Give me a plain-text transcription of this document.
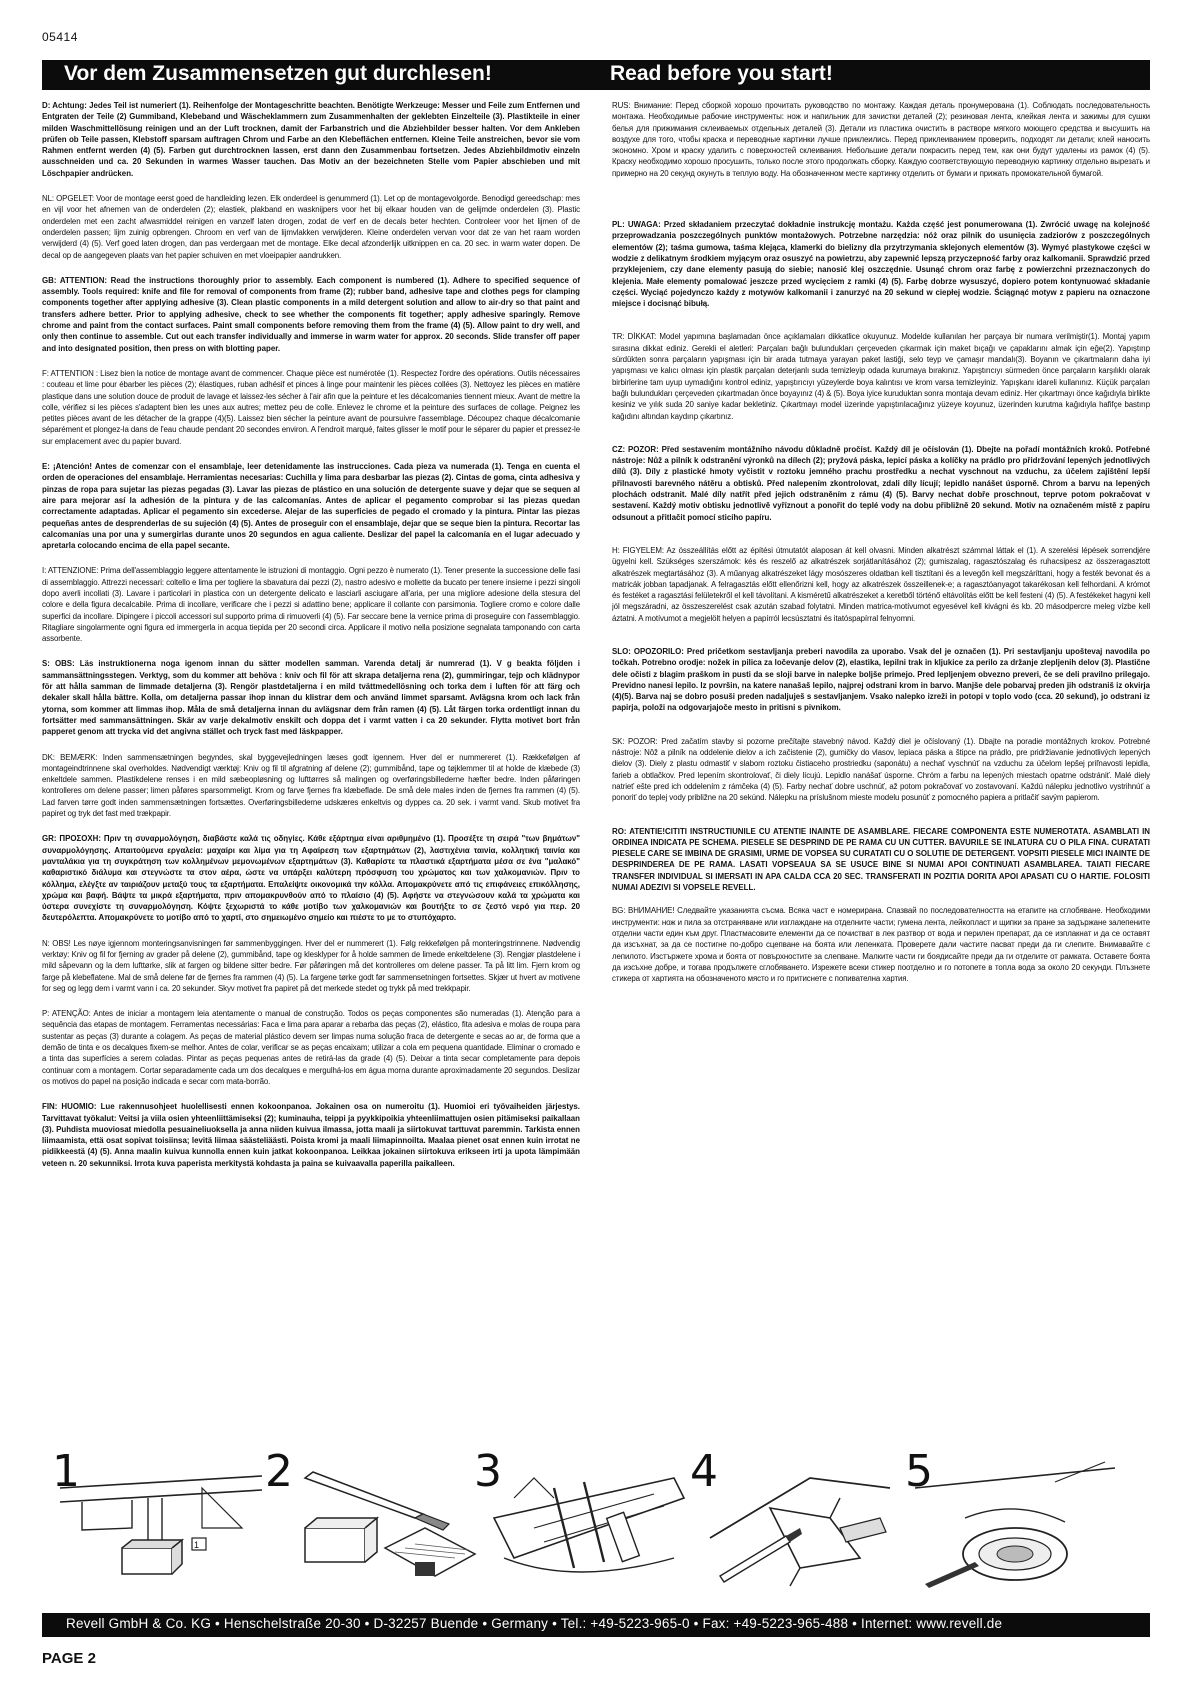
05414
Vor dem Zusammensetzen gut durchlesen!	Read before you start!

D: Achtung: Jedes Teil ist numeriert (1). Reihenfolge der Montageschritte beachten. Benötigte Werkzeuge: Messer und Feile zum Entfernen und Entgraten der Teile (2) Gummiband, Klebeband und Wäscheklammern zum Zusammenhalten der geklebten Einzelteile (3). Plastikteile in einer milden Waschmittellösung reinigen und an der Luft trocknen, damit der Farbanstrich und die Abziehbilder besser halten. Vor dem Ankleben prüfen ob Teile passen, Klebstoff sparsam auftragen Chrom und Farbe an den Klebeflächen entfernen. Kleine Teile anstreichen, bevor sie vom Rahmen entfernt werden (4) (5). Farben gut durchtrocknen lassen, erst dann den Zusammenbau fortsetzen. Jedes Abziehbildmotiv einzeln ausschneiden und ca. 20 Sekunden in warmes Wasser tauchen. Das Motiv an der bezeichneten Stelle vom Papier abschieben und mit Löschpapier andrücken.

NL: OPGELET: Voor de montage eerst goed de handleiding lezen. Elk onderdeel is genummerd (1). Let op de montagevolgorde. Benodigd gereedschap: mes en vijl voor het afnemen van de onderdelen (2); elastiek, plakband en wasknijpers voor het bij elkaar houden van de gelijmde onderdelen (3). Plastic onderdelen met een zacht afwasmiddel reinigen en vanzelf laten drogen, zodat de verf en de decals beter hechten. Controleer voor het lijmen of de onderdelen passen; lijm zuinig opbrengen. Chroom en verf van de lijmvlakken verwijderen. Kleine onderdelen vervan voor dat ze van het raam worden verwijderd (4) (5). Verf goed laten drogen, dan pas verdergaan met de montage. Elke decal afzonderlijk uitknippen en ca. 20 sec. in warm water dopen. De decal op de aangegeven plaats van het papier schuiven en met vloeipapier aandrukken.

GB: ATTENTION: Read the instructions thoroughly prior to assembly. Each component is numbered (1). Adhere to specified sequence of assembly. Tools required: knife and file for removal of components from frame (2); rubber band, adhesive tape and clothes pegs for clamping components together after applying adhesive (3). Clean plastic components in a mild detergent solution and allow to air-dry so that paint and transfers adhere better. Prior to applying adhesive, check to see whether the components fit together; apply adhesive sparingly. Remove chrome and paint from the contact surfaces. Paint small components before removing them from the frame (4) (5). Allow paint to dry well, and only then continue to assemble. Cut out each transfer individually and immerse in warm water for approx. 20 seconds. Slide transfer off paper and into designated position, then press on with blotting paper.

F: ATTENTION : Lisez bien la notice de montage avant de commencer. Chaque pièce est numérotée (1). Respectez l'ordre des opérations. Outils nécessaires : couteau et lime pour ébarber les pièces (2); élastiques, ruban adhésif et pinces à linge pour maintenir les pièces collées (3). Nettoyez les pièces en matière plastique dans une solution douce de produit de lavage et laissez-les sécher à l'air afin que la peinture et les décalcomanies tiennent mieux. Avant de mettre la colle, vérifiez si les pièces s'adaptent bien les unes aux autres; mettez peu de colle. Enlevez le chrome et la peinture des surfaces de collage. Peignez les petites pièces avant de les détacher de la grappe (4)(5). Laissez bien sécher la peinture avant de poursuivre l'assemblage. Découpez chaque décalcomanie séparément et plongez-la dans de l'eau chaude pendant 20 secondes environ. A l'endroit marqué, faites glisser le motif pour le séparer du papier et pressez-le sur emplacement avec du papier buvard.

E: ¡Atención! Antes de comenzar con el ensamblaje, leer detenidamente las instrucciones. Cada pieza va numerada (1). Tenga en cuenta el orden de operaciones del ensamblaje. Herramientas necesarias: Cuchilla y lima para desbarbar las piezas (2). Cintas de goma, cinta adhesiva y pinzas de ropa para sujetar las piezas pegadas (3). Lavar las piezas de plástico en una solución de detergente suave y dejar que se sequen al aire para mejorar así la adhesión de la pintura y de las calcomanías. Antes de aplicar el pegamento comprobar si las piezas quedan correctamente adaptadas. Aplicar el pegamento sin excederse. Alejar de las superficies de pegado el cromado y la pintura. Pintar las piezas pequeñas antes de desprenderlas de su sujeción (4) (5). Antes de proseguir con el ensamblaje, dejar que se seque bien la pintura. Recortar las calcomanías una por una y sumergirlas durante unos 20 segundos en agua caliente. Deslizar del papel la calcomanía en el lugar adecuado y apretarla colocando encima de ella papel secante.

I: ATTENZIONE: Prima dell'assemblaggio leggere attentamente le istruzioni di montaggio. Ogni pezzo è numerato (1). Tener presente la successione delle fasi di assemblaggio. Attrezzi necessari: coltello e lima per togliere la sbavatura dai pezzi (2), nastro adesivo e mollette da bucato per tenere insieme i pezzi singoli dopo averli incollati (3). Lavare i particolari in plastica con un detergente delicato e lasciarli asciugare all'aria, per una migliore adesione della stesura del colore e della figura decalcabile. Prima di incollare, verificare che i pezzi si adattino bene; applicare il collante con parsimonia. Togliere cromo e colore dalle superfici da incollare. Dipingere i piccoli accessori sul supporto prima di rimuoverli (4) (5). Far seccare bene la vernice prima di proseguire con l'assemblaggio. Ritagliare singolarmente ogni figura ed immergerla in acqua tiepida per 20 secondi circa. Applicare il motivo nella posizione segnalata tamponando con carta assorbente.

S: OBS: Läs instruktionerna noga igenom innan du sätter modellen samman. Varenda detalj är numrerad (1). V g beakta följden i sammansättningsstegen. Verktyg, som du kommer att behöva : kniv och fil för att skrapa detaljerna rena (2), gummiringar, tejp och klädnypor för att hålla samman de limmade detaljerna (3). Rengör plastdetaljerna i en mild tvättmedellösning och torka dem i luften för att färg och dekaler skall hålla bättre. Kolla, om detaljerna passar ihop innan du klistrar dem och använd limmet sparsamt. Avlägsna krom och lack från ytorna, som kommer att limmas ihop. Måla de små detaljerna innan du avlägsnar dem från ramen (4) (5). Låt färgen torka ordentligt innan du fortsätter med sammansättningen. Skär av varje dekalmotiv enskilt och doppa det i varmt vatten i ca 20 sekunder. Flytta motivet bort från papperet genom att trycka vid det angivna stället och tryck fast med läskpapper.

DK: BEMÆRK: Inden sammensætningen begyndes, skal byggevejledningen læses godt igennem. Hver del er nummereret (1). Rækkefølgen af montageindtrinnene skal overholdes. Nødvendigt værktøj: Kniv og fil til afgratning af delene (2); gummibånd, tape og tøjklemmer til at holde de klæbede (3) enkeltdele sammen. Plastikdelene renses i en mild sæbeopløsning og lufttørres så malingen og overføringsbillederne hæfter bedre. Inden påføringen kontrolleres om delene passer; limen påføres sparsommeligt. Krom og farve fjernes fra klæbeflade. De små dele males inden de fjernes fra rammen (4) (5). Lad farven tørre godt inden sammensætningen fortsættes. Overføringsbillederne udskæres enkeltvis og dyppes ca. 20 sek. i varmt vand. Skub motivet fra papiret og tryk det fast med trækpapir.

GR: ΠΡΟΣΟΧΗ: Πριν τη συναρμολόγηση, διαβάστε καλά τις οδηγίες. Κάθε εξάρτημα είναι αριθμημένο (1). Προσέξτε τη σειρά "των βημάτων" συναρμολόγησης. Απαιτούμενα εργαλεία: μαχαίρι και λίμα για τη Αφαίρεση των εξαρτημάτων (2), λαστιχένια ταινία, κολλητική ταινία και μανταλάκια για τη συγκράτηση των κολλημένων μεμονωμένων εξαρτημάτων (3). Καθαρίστε τα πλαστικά εξαρτήματα μέσα σε ένα "μαλακό" καθαριστικό διάλυμα και στεγνώστε τα στον αέρα, ώστε να υπάρξει καλύτερη πρόσφυση του χρώματος και των χαλκομανιών. Πριν το κόλλημα, ελέγξτε αν ταιριάζουν μεταξύ τους τα εξαρτήματα. Επαλείψτε οικονομικά την κόλλα. Απομακρύνετε από τις επιφάνειες επικόλλησης, χρώμα και βαφή. Βάψτε τα μικρά εξαρτήματα, πριν απομακρυνθούν από το πλαίσιο (4) (5). Αφήστε να στεγνώσουν καλά τα χρώματα και ύστερα συνεχίστε τη συναρμολόγηση. Κόψτε ξεχωριστά το κάθε μοτίβο των χαλκομανιών και βουτήξτε το σε ζεστό νερό για περ. 20 δευτερόλεπτα. Απομακρύνετε το μοτίβο από το χαρτί, στο σημειωμένο σημείο και πιέστε το με το στυπόχαρτο.

N: OBS! Les nøye igjennom monteringsanvisningen før sammenbyggingen. Hver del er nummerert (1). Følg rekkefølgen på monteringstrinnene. Nødvendig verktøy: Kniv og fil for fjerning av grader på delene (2), gummibånd, tape og klesklyper for å holde sammen de limede enkeltdelene (3). Rengjør plastdelene i mild såpevann og la dem lufttørke, slik at fargen og bildene sitter bedre. Før påføringen må det kontrolleres om delene passer. Ta på litt lim. Fjern krom og farge på klebeflatene. Mal de små delene før de fjernes fra rammen (4) (5). La fargene tørke godt før sammensetningen fortsettes. Skjær ut hvert av motivene for seg og legg dem i varmt vann i ca. 20 sekunder. Skyv motivet fra papiret på det merkede stedet og trykk på med trekkpapir.

P: ATENÇÃO: Antes de iniciar a montagem leia atentamente o manual de construção. Todos os peças componentes são numeradas (1). Atenção para a sequência das etapas de montagem. Ferramentas necessárias: Faca e lima para aparar a rebarba das peças (2), elástico, fita adesiva e molas de roupa para sustentar as peças (3) durante a colagem. As peças de material plástico devem ser limpas numa solução fraca de detergente e secas ao ar, de forma que a demão de tinta e os decalques fixem-se melhor. Antes de colar, verificar se as peças encaixam; utilizar a cola em pequena quantidade. Eliminar o cromado e a tinta das superfícies a serem coladas. Pintar as peças pequenas antes de retirá-las da grade (4) (5). Deixar a tinta secar completamente para depois continuar com a montagem. Cortar separadamente cada um dos decalques e mergulhá-los em água morna durante aproximadamente 20 segundos. Deslizar os motivos do papel na posição indicada e secar com mata-borrão.

FIN: HUOMIO: Lue rakennusohjeet huolellisesti ennen kokoonpanoa. Jokainen osa on numeroitu (1). Huomioi eri työvaiheiden järjestys. Tarvittavat työkalut: Veitsi ja viila osien yhteenliittämiseksi (2); kuminauha, teippi ja pyykkipoikia yhteenliimattujen osien pitämiseksi paikallaan (3). Puhdista muoviosat miedolla pesuaineliuoksella ja anna niiden kuivua ilmassa, jotta maali ja siirtokuvat tarttuvat paremmin. Tarkista ennen liimaamista, että osat sopivat toisiinsa; levitä liimaa säästeliäästi. Poista kromi ja maali liimapinnoilta. Maalaa pienet osat ennen kuin irrotat ne pidikkeestä (4) (5). Anna maalin kuivua kunnolla ennen kuin jatkat kokoonpanoa. Leikkaa jokainen siirtokuva erikseen irti ja upota lämpimään veteen n. 20 sekunniksi. Irrota kuva paperista merkitystä kohdasta ja paina se kuivaavalla paperilla paikalleen.

RUS: Внимание: Перед сборкой хорошо прочитать руководство по монтажу. Каждая деталь пронумерована (1). Соблюдать последовательность монтажа. Необходимые рабочие инструменты: нож и напильник для зачистки деталей (2); резиновая лента, клейкая лента и зажимы для сушки белья для прижимания склеиваемых отдельных деталей (3). Детали из пластика очистить в растворе мягкого моющего средства и высушить на воздухе для того, чтобы краска и переводные картинки лучше приклеились. Перед приклеиванием проверить, подходят ли детали; клей наносить экономно. Хром и краску удалить с поверхностей склеивания. Небольшие детали покрасить перед тем, как они будут удалены из рамок (4) (5). Краску необходимо хорошо просушить, только после этого продолжать сборку. Каждую соответствующую переводную картинку отдельно вырезать и примерно на 20 секунд окунуть в теплую воду. На обозначенном месте картинку отделить от бумаги и прижать промокательной бумагой.

PL: UWAGA: Przed składaniem przeczytać dokładnie instrukcję montażu. Każda część jest ponumerowana (1). Zwrócić uwagę na kolejność przeprowadzania poszczególnych punktów montażowych. Potrzebne narzędzia: nóż oraz pilnik do usunięcia zadziorów z poszczególnych elementów (2); taśma gumowa, taśma klejąca, klamerki do bielizny dla przytrzymania sklejonych elementów (3). Wymyć plastykowe części w wodzie z delikatnym środkiem myjącym oraz osuszyć na powietrzu, aby zapewnić lepszą przyczepność farby oraz kalkomanii. Sprawdzić przed przyklejeniem, czy dane elementy pasują do siebie; nanosić klej oszczędnie. Usunąć chrom oraz farbę z powierzchni przeznaczonych do klejenia. Małe elementy pomalować jeszcze przed wycięciem z ramki (4) (5). Farbę dobrze wysuszyć, dopiero potem kontynuować składanie części. Wyciąć pojedynczo każdy z motywów kalkomanii i zanurzyć na 20 sekund w ciepłej wodzie. Ściągnąć motyw z papieru na oznaczone miejsce i docisnąć bibułą.

TR: DİKKAT: Model yapımına başlamadan önce açıklamaları dikkatlice okuyunuz. Modelde kullanılan her parçaya bir numara verilmiştir(1). Montaj yapım sırasına dikkat ediniz. Gerekli el aletleri: Parçaları bağlı bulundukları çerçeveden çıkarmak için maket bıçağı ve çapaklarını almak için eğe(2). Yapıştırıp sürdükten sonra parçaların yapışması için bir arada tutmaya yarayan paket lastiği, selo teyp ve çamaşır mandalı(3). Boyanın ve çıkartmaların daha iyi yapışması ve kalıcı olması için plastik parçaları deterjanlı suda temizleyip odada kurumaya bırakınız. Yapıştırıcıyı sürmeden önce parçaların karşılıklı olarak birbirlerine tam uyup uymadığını kontrol ediniz, yapıştırıcıyı yüzeylerde boya kalıntısı ve krom varsa temizleyiniz. Yapışkanı idareli kullanınız. Küçük parçaları bağlı bulundukları çerçeveden çıkartmadan önce boyayınız (4) & (5). Boya iyice kuruduktan sonra montaja devam ediniz. Her çıkartmayı önce kağıdıyla birlikte kesiniz ve yılık suda 20 saniye kadar bekletiniz. Çıkartmayı model üzerinde yapıştırılacağınız yüzeye koyunuz, üzerinden kurutma kağıdıyla hafifçe bastırıp kağıdını altından kaydırıp çıkartınız.

CZ: POZOR: Před sestavením montážního návodu důkladně pročíst. Každý díl je očíslován (1). Dbejte na pořadí montážních kroků. Potřebné nástroje: Nůž a pilník k odstranění výronků na dílech (2); pryžová páska, lepicí páska a kolíčky na prádlo pro přidržování lepených jednotlivých dílů (3). Díly z plastické hmoty vyčistit v roztoku jemného prachu prostředku a nechat vyschnout na vzduchu, za účelem zajištění lepší přilnavosti barevného nátěru a obtisků. Před nalepením zkontrolovat, zdali díly lícují; lepidlo nanášet úsporně. Chrom a barvu na lepených plochách odstranit. Malé díly natřít před jejich odstraněním z rámu (4) (5). Barvy nechat dobře proschnout, teprve potom pokračovat v sestavení. Každý motiv obtisku jednotlivě vyříznout a ponořit do teplé vody na dobu přibližně 20 sekund. Motiv na označeném místě z papíru odsunout a přitlačit pomocí sticího papíru.

H: FIGYELEM: Az összeállítás előtt az építési útmutatót alaposan át kell olvasni. Minden alkatrészt számmal láttak el (1). A szerelési lépések sorrendjére ügyelni kell. Szükséges szerszámok: kés és reszelő az alkatrészek sorjátlanításához (2); gumiszalag, ragasztószalag és ruhacsipesz az összeragasztott alkatrészek megtartásához (3). A műanyag alkatrészeket lágy mosószeres oldatban kell tisztítani és a levegőn kell megszáríttani, hogy a festék bevonat és a matricák jobban tapadjanak. A felragasztás előtt ellenőrizni kell, hogy az alkatrészek összeillenek-e; a ragasztóanyagot takarékosan kell felhordani. A krómot és festéket a ragasztási felületekről el kell távolítani. A kisméretű alkatrészeket a keretből történő eltávolítás előtt be kell festeni (4) (5). A festékeket hagyni kell jól megszáradni, az összeszerelést csak azután szabad folytatni. Minden matrica-motívumot egyesével kell kivágni és kb. 20 másodpercre meleg vízbe kell áztatni. A motívumot a megjelölt helyen a papírról lecsúsztatni és itatóspapírral felnyomni.

SLO: OPOZORILO: Pred pričetkom sestavljanja preberi navodila za uporabo. Vsak del je označen (1). Pri sestavljanju upoštevaj navodila po točkah. Potrebno orodje: nožek in pilica za ločevanje delov (2), elastika, lepilni trak in kljukice za perilo za držanje zlepljenih delov (3). Plastične dele očisti z blagim praškom in pusti da se sloji barve in nalepke boljše primejo. Pred lepljenjem obvezno preveri, če se deli pravilno prilegajo. Previdno nanesi lepilo. Iz površin, na katere nanašaš lepilo, najprej odstrani krom in barvo. Manjše dele pobarvaj preden jih odstraniš iz okvirja (4)(5). Barva naj se dobro posuši preden nadaljuješ s sestavljanjem. Vsako nalepko izreži in potopi v toplo vodo (cca. 20 sekund), jo odstrani iz papirja, položi na odgovarjajoče mesto in pritisni s pivnikom.

SK: POZOR: Pred začatím stavby si pozorne prečítajte stavebný návod. Každý diel je očíslovaný (1). Dbajte na poradie montážnych krokov. Potrebné nástroje: Nôž a pilník na oddelenie dielov a ich začistenie (2), gumičky do vlasov, lepiaca páska a štipce na prádlo, pre pridržiavanie jednotlivých lepených dielov (3). Diely z plastu odmastiť v slabom roztoku čistiaceho prostriedku (saponátu) a nechať vyschnúť na vzduchu za účelom lepšej priľnavosti lepidla, farieb a obtlačkov. Pred lepením skontrolovať, či diely lícujú. Lepidlo nanášať úsporne. Chróm a farbu na lepených miestach opatrne odstrániť. Malé diely natrieť ešte pred ich oddelením z rámčeka (4) (5). Farby nechať dobre uschnúť, až potom pokračovať vo zostavovaní. Každú nálepku jednotlivo vystrihnúť a ponoriť do teplej vody približne na 20 sekúnd. Nálepku na príslušnom mieste modelu posunúť z pomocného papiera a pritlačiť savým papierom.

RO: ATENTIE!CITITI INSTRUCTIUNILE CU ATENTIE INAINTE DE ASAMBLARE. FIECARE COMPONENTA ESTE NUMEROTATA. ASAMBLATI IN ORDINEA INDICATA PE SCHEMA. PIESELE SE DESPRIND DE PE RAMA CU UN CUTTER. BAVURILE SE INLATURA CU O PILA FINA. CURATATI PIESELE CARE SE IMBINA DE GRASIMI, URME DE VOPSEA SU CURATATI CU O SOLUTIE DE DETERGENT. VOPSITI PIESELE MICI INAINTE DE DESPRINDEREA DE PE RAMA. LASATI VOPSEAUA SA SE USUCE BINE SI NUMAI APOI CONTINUATI ASAMBLAREA. TAIATI FIECARE TRANSFER INDIVIDUAL SI IMERSATI IN APA CALDA CCA 20 SEC. TRANSFERATI IN POZITIA DORITA APOI APASATI CU O HARTIE. FOLOSITI NUMAI ADEZIVI SI VOPSELE REVELL.

BG: ВНИМАНИЕ! Следвайте указанията съсма. Всяка част е номерирана. Спазвай по последователността на етапите на сглобяване. Необходими инструменти: нож и пила за отстраняване или изглаждане на отделните части; гумена лента, лейкопласт и щипки за пране за задържане залепените отделни части един към друг. Пластмасовите елементи да се почистват в лек разтвор от вода и перилен препарат, да се изплакнат и да се оставят да изсъхнат, за да се постигне по-добро сцепване на боята или лепенката. Проверете дали частите пасват преди да ги слепите. Внимавайте с лепилото. Изстържете хрома и боята от повърхностите за слепване. Малките части ги боядисайте преди да ги отделите от рамката. Оставете боята да изсъхне добре, и тогава продължете сглобяването. Изрежете всеки стикер поотделно и го потопете в топла вода за около 20 секунди. Плъзнете стикера от хартията на обозначеното място и го притиснете с попивателна хартия.

1
1	2	3	4	5
Revell GmbH & Co. KG • Henschelstraße 20-30 • D-32257 Buende • Germany • Tel.: +49-5223-965-0 • Fax: +49-5223-965-488 • Internet: www.revell.de
PAGE 2
